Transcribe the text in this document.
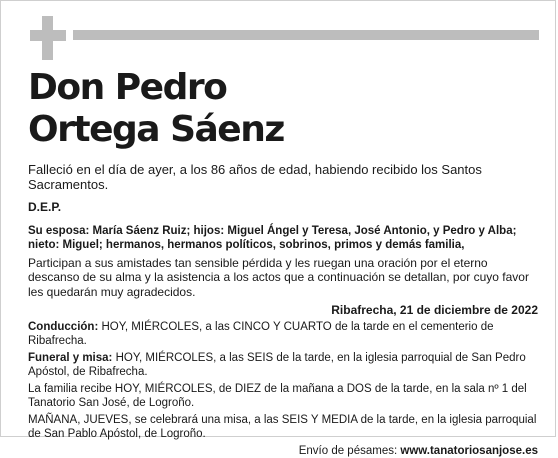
Don Pedro
Ortega Sáenz

Falleció en el día de ayer, a los 86 años de edad, habiendo recibido los Santos Sacramentos.

D.E.P.

Su esposa: María Sáenz Ruiz; hijos: Miguel Ángel y Teresa, José Antonio, y Pedro y Alba; nieto: Miguel; hermanos, hermanos políticos, sobrinos, primos y demás familia,

Participan a sus amistades tan sensible pérdida y les ruegan una oración por el eterno descanso de su alma y la asistencia a los actos que a continuación se detallan, por cuyo favor les quedarán muy agradecidos.

Ribafrecha, 21 de diciembre de 2022

Conducción: HOY, MIÉRCOLES, a las CINCO Y CUARTO de la tarde en el cementerio de Ribafrecha.

Funeral y misa: HOY, MIÉRCOLES, a las SEIS de la tarde, en la iglesia parroquial de San Pedro Apóstol, de Ribafrecha.

La familia recibe HOY, MIÉRCOLES, de DIEZ de la mañana a DOS de la tarde, en la sala nº 1 del Tanatorio San José, de Logroño.

MAÑANA, JUEVES, se celebrará una misa, a las SEIS Y MEDIA de la tarde, en la iglesia parroquial de San Pablo Apóstol, de Logroño.

Envío de pésames: www.tanatoriosanjose.es
